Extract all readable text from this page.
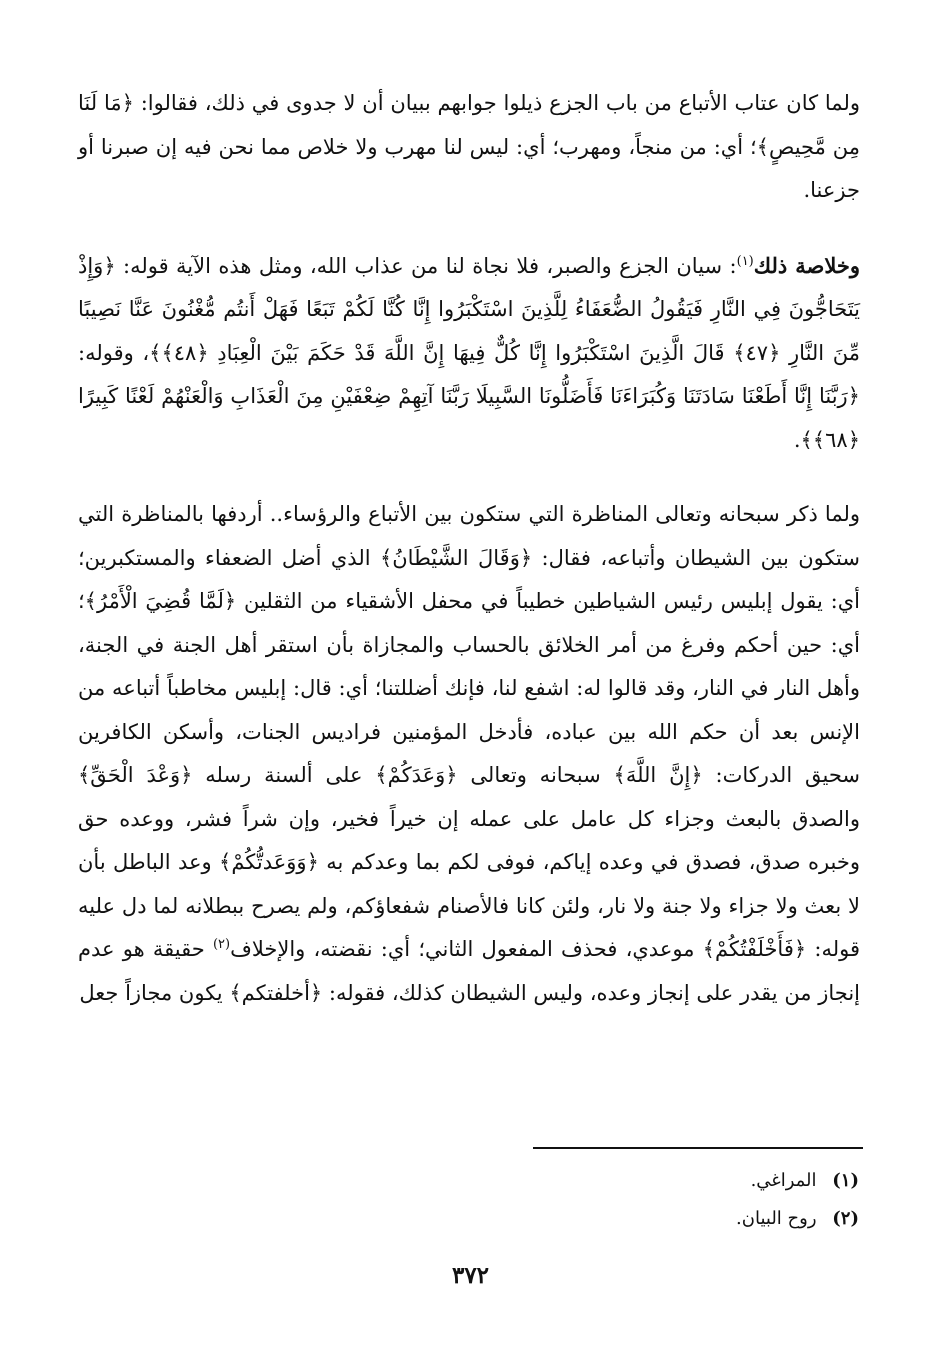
ولما كان عتاب الأتباع من باب الجزع ذيلوا جوابهم ببيان أن لا جدوى في ذلك، فقالوا: ﴿مَا لَنَا مِن مَّحِيصٍ﴾؛ أي: من منجاً، ومهرب؛ أي: ليس لنا مهرب ولا خلاص مما نحن فيه إن صبرنا أو جزعنا.

وخلاصة ذلك$^{(١)}$: سيان الجزع والصبر، فلا نجاة لنا من عذاب الله، ومثل هذه الآية قوله: ﴿وَإِذْ يَتَحَاجُّونَ فِي النَّارِ فَيَقُولُ الضُّعَفَاءُ لِلَّذِينَ اسْتَكْبَرُوا إِنَّا كُنَّا لَكُمْ تَبَعًا فَهَلْ أَنتُم مُّغْنُونَ عَنَّا نَصِيبًا مِّنَ النَّارِ ﴿٤٧﴾ قَالَ الَّذِينَ اسْتَكْبَرُوا إِنَّا كُلٌّ فِيهَا إِنَّ اللَّهَ قَدْ حَكَمَ بَيْنَ الْعِبَادِ ﴿٤٨﴾﴾، وقوله: ﴿رَبَّنَا إِنَّا أَطَعْنَا سَادَتَنَا وَكُبَرَاءَنَا فَأَضَلُّونَا السَّبِيلَا رَبَّنَا آتِهِمْ ضِعْفَيْنِ مِنَ الْعَذَابِ وَالْعَنْهُمْ لَعْنًا كَبِيرًا ﴿٦٨﴾﴾.

ولما ذكر سبحانه وتعالى المناظرة التي ستكون بين الأتباع والرؤساء.. أردفها بالمناظرة التي ستكون بين الشيطان وأتباعه، فقال: ﴿وَقَالَ الشَّيْطَانُ﴾ الذي أضل الضعفاء والمستكبرين؛ أي: يقول إبليس رئيس الشياطين خطيباً في محفل الأشقياء من الثقلين ﴿لَمَّا قُضِيَ الْأَمْرُ﴾؛ أي: حين أحكم وفرغ من أمر الخلائق بالحساب والمجازاة بأن استقر أهل الجنة في الجنة، وأهل النار في النار، وقد قالوا له: اشفع لنا، فإنك أضللتنا؛ أي: قال: إبليس مخاطباً أتباعه من الإنس بعد أن حكم الله بين عباده، فأدخل المؤمنين فراديس الجنات، وأسكن الكافرين سحيق الدركات: ﴿إِنَّ اللَّهَ﴾ سبحانه وتعالى ﴿وَعَدَكُمْ﴾ على ألسنة رسله ﴿وَعْدَ الْحَقِّ﴾ والصدق بالبعث وجزاء كل عامل على عمله إن خيراً فخير، وإن شراً فشر، ووعده حق وخبره صدق، فصدق في وعده إياكم، فوفى لكم بما وعدكم به ﴿وَوَعَدتُّكُمْ﴾ وعد الباطل بأن لا بعث ولا جزاء ولا جنة ولا نار، ولئن كانا فالأصنام شفعاؤكم، ولم يصرح ببطلانه لما دل عليه قوله: ﴿فَأَخْلَفْتُكُمْ﴾ موعدي، فحذف المفعول الثاني؛ أي: نقضته، والإخلاف$^{(٢)}$ حقيقة هو عدم إنجاز من يقدر على إنجاز وعده، وليس الشيطان كذلك، فقوله: ﴿أخلفتكم﴾ يكون مجازاً جعل

(١) المراغي.
(٢) روح البيان.
٣٧٢
